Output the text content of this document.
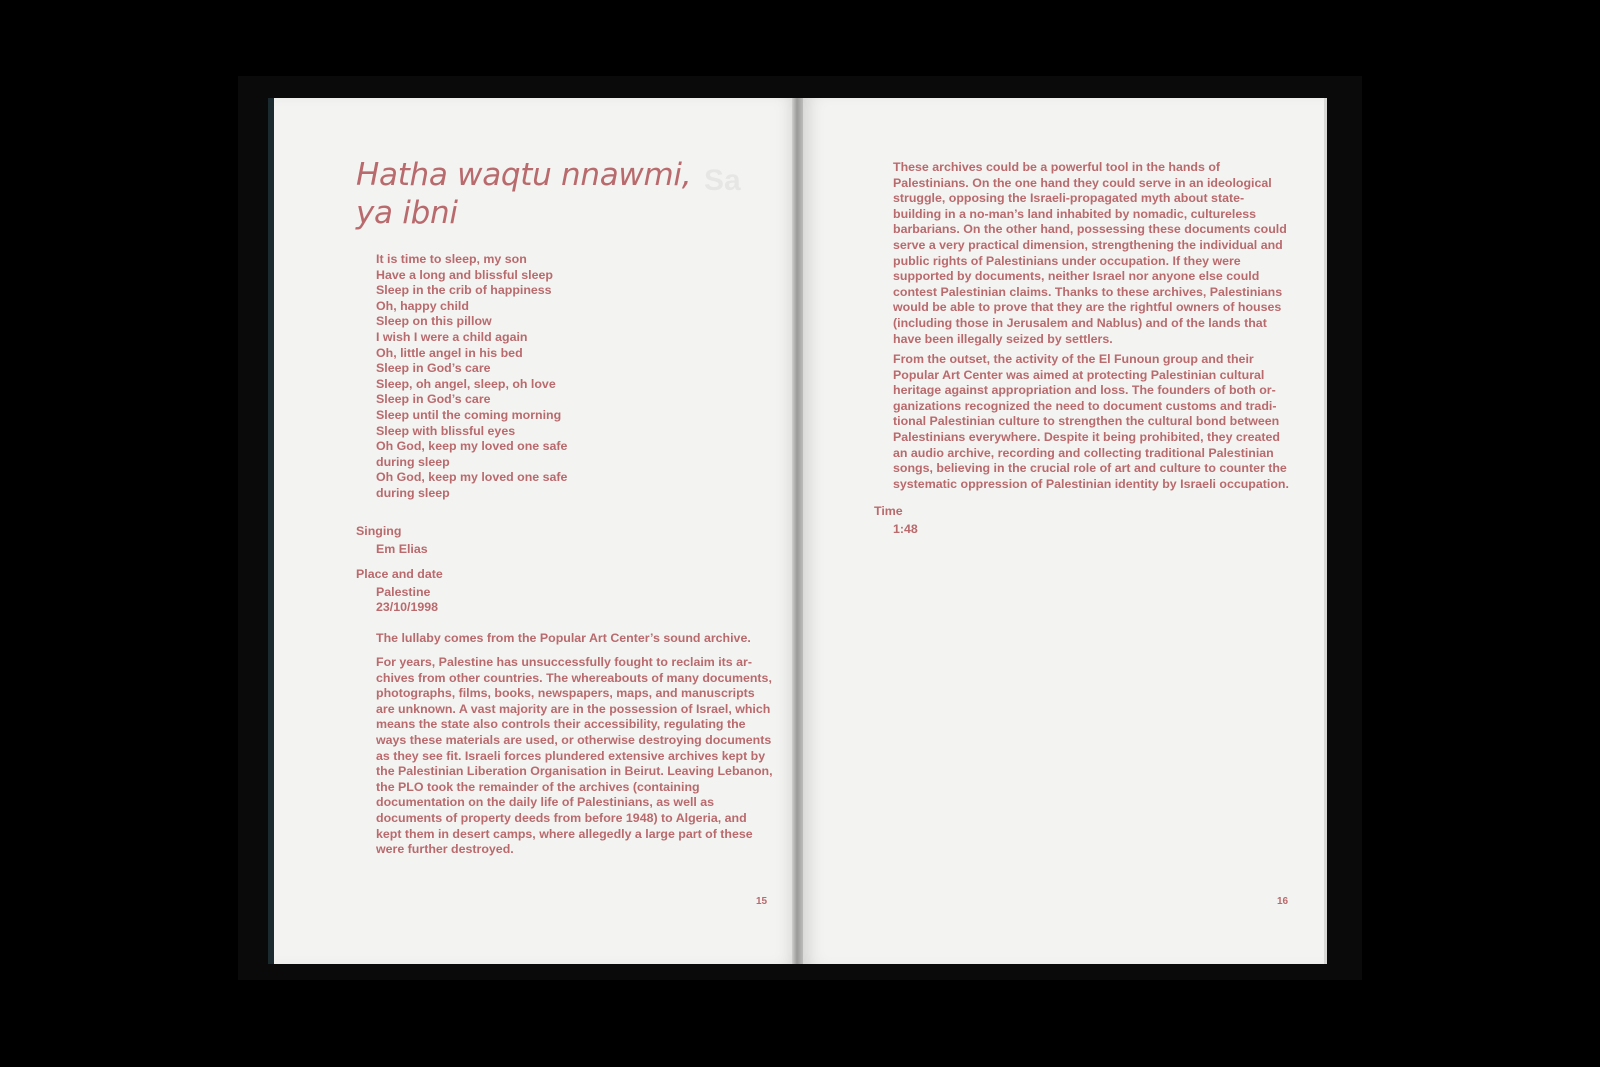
Sa
Hatha waqtu nnawmi,
ya ibni
It is time to sleep, my son
Have a long and blissful sleep
Sleep in the crib of happiness
Oh, happy child
Sleep on this pillow
I wish I were a child again
Oh, little angel in his bed
Sleep in God’s care
Sleep, oh angel, sleep, oh love
Sleep in God’s care
Sleep until the coming morning
Sleep with blissful eyes
Oh God, keep my loved one safe
during sleep
Oh God, keep my loved one safe
during sleep
Singing
Em Elias
Place and date
Palestine
23/10/1998

The lullaby comes from the Popular Art Center’s sound archive.

For years, Palestine has unsuccessfully fought to reclaim its archives from other countries. The whereabouts of many documents, photographs, films, books, newspapers, maps, and manuscripts are unknown. A vast majority are in the possession of Israel, which means the state also controls their accessibility, regulating the ways these materials are used, or otherwise destroying documents as they see fit. Israeli forces plundered extensive archives kept by the Palestinian Liberation Organisation in Beirut. Leaving Lebanon, the PLO took the remainder of the archives (containing documentation on the daily life of Palestinians, as well as documents of property deeds from before 1948) to Algeria, and kept them in desert camps, where allegedly a large part of these were further destroyed.

15

These archives could be a powerful tool in the hands of Palestinians. On the one hand they could serve in an ideological struggle, opposing the Israeli-propagated myth about state-building in a no-man’s land inhabited by nomadic, cultureless barbarians. On the other hand, possessing these documents could serve a very practical dimension, strengthening the individual and public rights of Palestinians under occupation. If they were supported by documents, neither Israel nor anyone else could contest Palestinian claims. Thanks to these archives, Palestinians would be able to prove that they are the rightful owners of houses (including those in Jerusalem and Nablus) and of the lands that have been illegally seized by settlers.

From the outset, the activity of the El Funoun group and their Popular Art Center was aimed at protecting Palestinian cultural heritage against appropriation and loss. The founders of both organizations recognized the need to document customs and traditional Palestinian culture to strengthen the cultural bond between Palestinians everywhere. Despite it being prohibited, they created an audio archive, recording and collecting traditional Palestinian songs, believing in the crucial role of art and culture to counter the systematic oppression of Palestinian identity by Israeli occupation.

Time
1:48
16
